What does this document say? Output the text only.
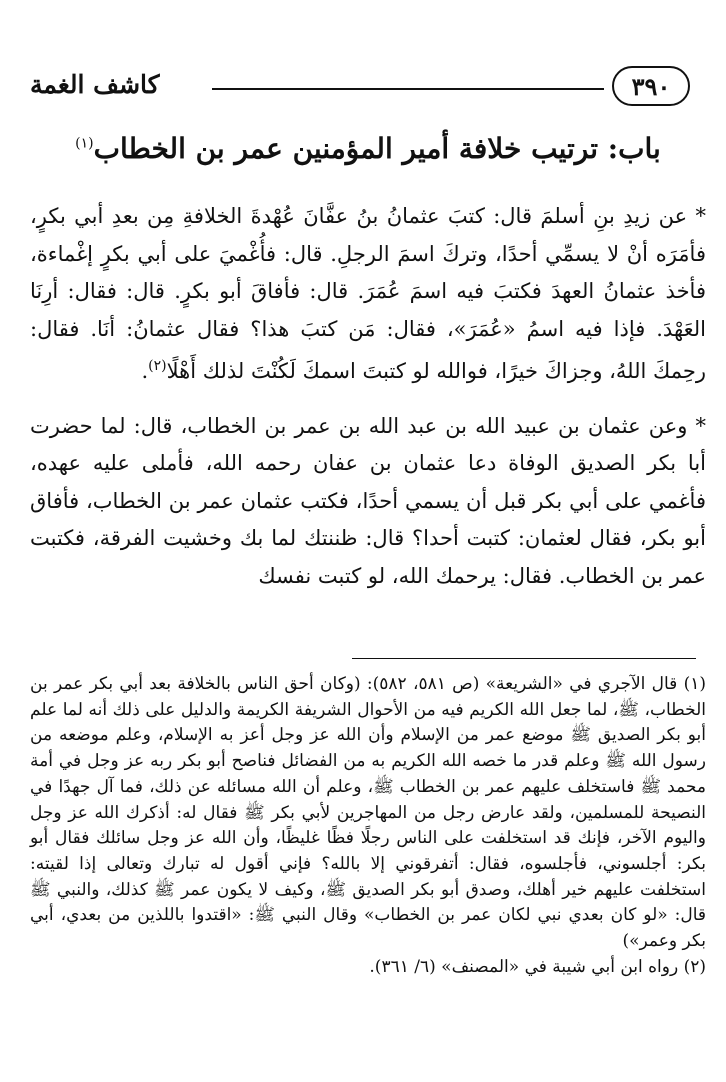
كاشف الغمة	٣٩٠
باب: ترتيب خلافة أمير المؤمنين عمر بن الخطاب$^{(١)}$

* عن زيدِ بنِ أسلمَ قال: كتبَ عثمانُ بنُ عفَّانَ عُهْدةَ الخلافةِ مِن بعدِ أبي بكرٍ، فأمَرَه أنْ لا يسمِّي أحدًا، وتركَ اسمَ الرجلِ. قال: فأُغْميَ على أبي بكرٍ إغْماءة، فأخذ عثمانُ العهدَ فكتبَ فيه اسمَ عُمَرَ. قال: فأفاقَ أبو بكرٍ. قال: فقال: أرِنَا العَهْدَ. فإذا فيه اسمُ «عُمَرَ»، فقال: مَن كتبَ هذا؟ فقال عثمانُ: أنَا. فقال: رحِمكَ اللهُ، وجزاكَ خيرًا، فوالله لو كتبتَ اسمكَ لَكُنْتَ لذلك أَهْلًا$^{(٢)}$.

* وعن عثمان بن عبيد الله بن عبد الله بن عمر بن الخطاب، قال: لما حضرت أبا بكر الصديق الوفاة دعا عثمان بن عفان رحمه الله، فأملى عليه عهده، فأغمي على أبي بكر قبل أن يسمي أحدًا، فكتب عثمان عمر بن الخطاب، فأفاق أبو بكر، فقال لعثمان: كتبت أحدا؟ قال: ظننتك لما بك وخشيت الفرقة، فكتبت عمر بن الخطاب. فقال: يرحمك الله، لو كتبت نفسك

(١) قال الآجري في «الشريعة» (ص ٥٨١، ٥٨٢): (وكان أحق الناس بالخلافة بعد أبي بكر عمر بن الخطاب، ﷺ، لما جعل الله الكريم فيه من الأحوال الشريفة الكريمة والدليل على ذلك أنه لما علم أبو بكر الصديق ﷺ موضع عمر من الإسلام وأن الله عز وجل أعز به الإسلام، وعلم موضعه من رسول الله ﷺ وعلم قدر ما خصه الله الكريم به من الفضائل فناصح أبو بكر ربه عز وجل في أمة محمد ﷺ فاستخلف عليهم عمر بن الخطاب ﷺ، وعلم أن الله مسائله عن ذلك، فما آل جهدًا في النصيحة للمسلمين، ولقد عارض رجل من المهاجرين لأبي بكر ﷺ فقال له: أذكرك الله عز وجل واليوم الآخر، فإنك قد استخلفت على الناس رجلًا فظًا غليظًا، وأن الله عز وجل سائلك فقال أبو بكر: أجلسوني، فأجلسوه، فقال: أتفرقوني إلا بالله؟ فإني أقول له تبارك وتعالى إذا لقيته: استخلفت عليهم خير أهلك، وصدق أبو بكر الصديق ﷺ، وكيف لا يكون عمر ﷺ كذلك، والنبي ﷺ قال: «لو كان بعدي نبي لكان عمر بن الخطاب» وقال النبي ﷺ: «اقتدوا باللذين من بعدي، أبي بكر وعمر»)

(٢) رواه ابن أبي شيبة في «المصنف» (٦/ ٣٦١).
